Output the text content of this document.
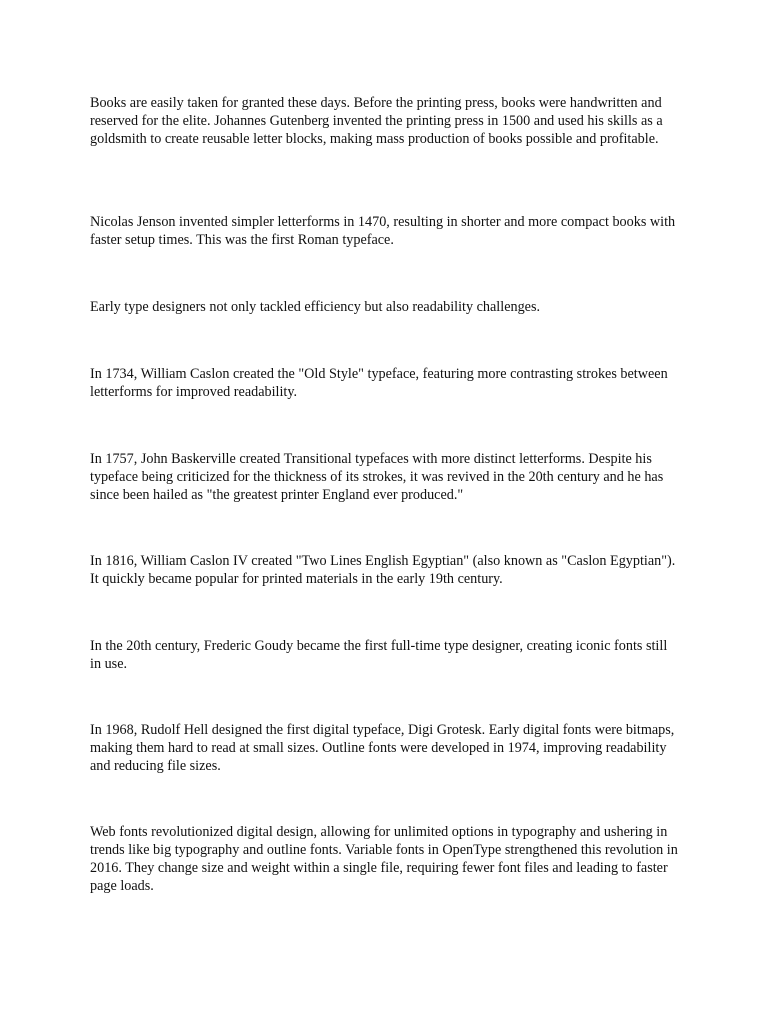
Books are easily taken for granted these days. Before the printing press, books were handwritten and reserved for the elite. Johannes Gutenberg invented the printing press in 1500 and used his skills as a goldsmith to create reusable letter blocks, making mass production of books possible and profitable.

Nicolas Jenson invented simpler letterforms in 1470, resulting in shorter and more compact books with faster setup times. This was the first Roman typeface.

Early type designers not only tackled efficiency but also readability challenges.

In 1734, William Caslon created the "Old Style" typeface, featuring more contrasting strokes between letterforms for improved readability.

In 1757, John Baskerville created Transitional typefaces with more distinct letterforms. Despite his typeface being criticized for the thickness of its strokes, it was revived in the 20th century and he has since been hailed as "the greatest printer England ever produced."

In 1816, William Caslon IV created "Two Lines English Egyptian" (also known as "Caslon Egyptian"). It quickly became popular for printed materials in the early 19th century.

In the 20th century, Frederic Goudy became the first full-time type designer, creating iconic fonts still in use.

In 1968, Rudolf Hell designed the first digital typeface, Digi Grotesk. Early digital fonts were bitmaps, making them hard to read at small sizes. Outline fonts were developed in 1974, improving readability and reducing file sizes.

Web fonts revolutionized digital design, allowing for unlimited options in typography and ushering in trends like big typography and outline fonts. Variable fonts in OpenType strengthened this revolution in 2016. They change size and weight within a single file, requiring fewer font files and leading to faster page loads.
